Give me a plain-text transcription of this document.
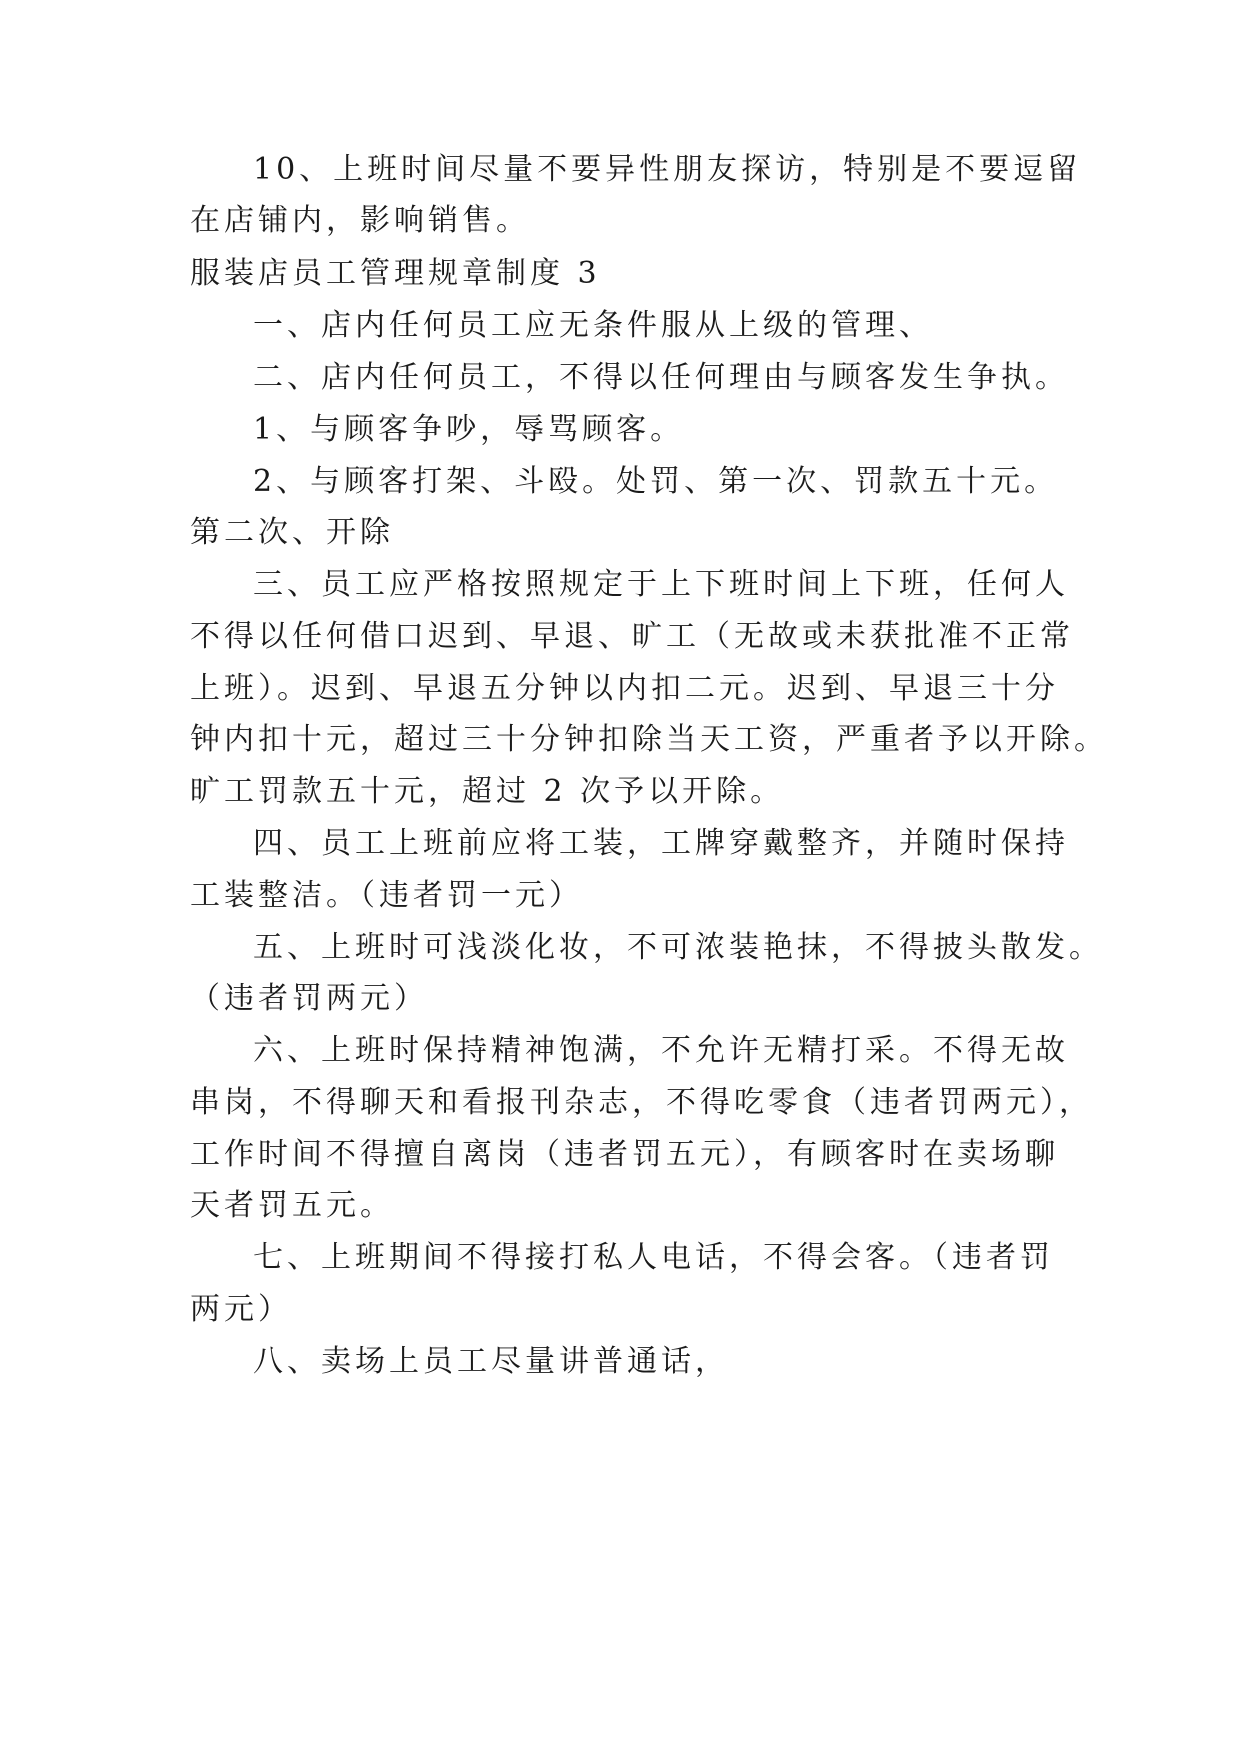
10、上班时间尽量不要异性朋友探访，特别是不要逗留
在店铺内，影响销售。
服装店员工管理规章制度 3
一、店内任何员工应无条件服从上级的管理、
二、店内任何员工，不得以任何理由与顾客发生争执。
1、与顾客争吵，辱骂顾客。
2、与顾客打架、斗殴。处罚、第一次、罚款五十元。
第二次、开除
三、员工应严格按照规定于上下班时间上下班，任何人
不得以任何借口迟到、早退、旷工（无故或未获批准不正常
上班）。迟到、早退五分钟以内扣二元。迟到、早退三十分
钟内扣十元，超过三十分钟扣除当天工资，严重者予以开除。
旷工罚款五十元，超过 2 次予以开除。
四、员工上班前应将工装，工牌穿戴整齐，并随时保持
工装整洁。（违者罚一元）
五、上班时可浅淡化妆，不可浓装艳抹，不得披头散发。
（违者罚两元）
六、上班时保持精神饱满，不允许无精打采。不得无故
串岗，不得聊天和看报刊杂志，不得吃零食（违者罚两元），
工作时间不得擅自离岗（违者罚五元），有顾客时在卖场聊
天者罚五元。
七、上班期间不得接打私人电话，不得会客。（违者罚
两元）
八、卖场上员工尽量讲普通话，
